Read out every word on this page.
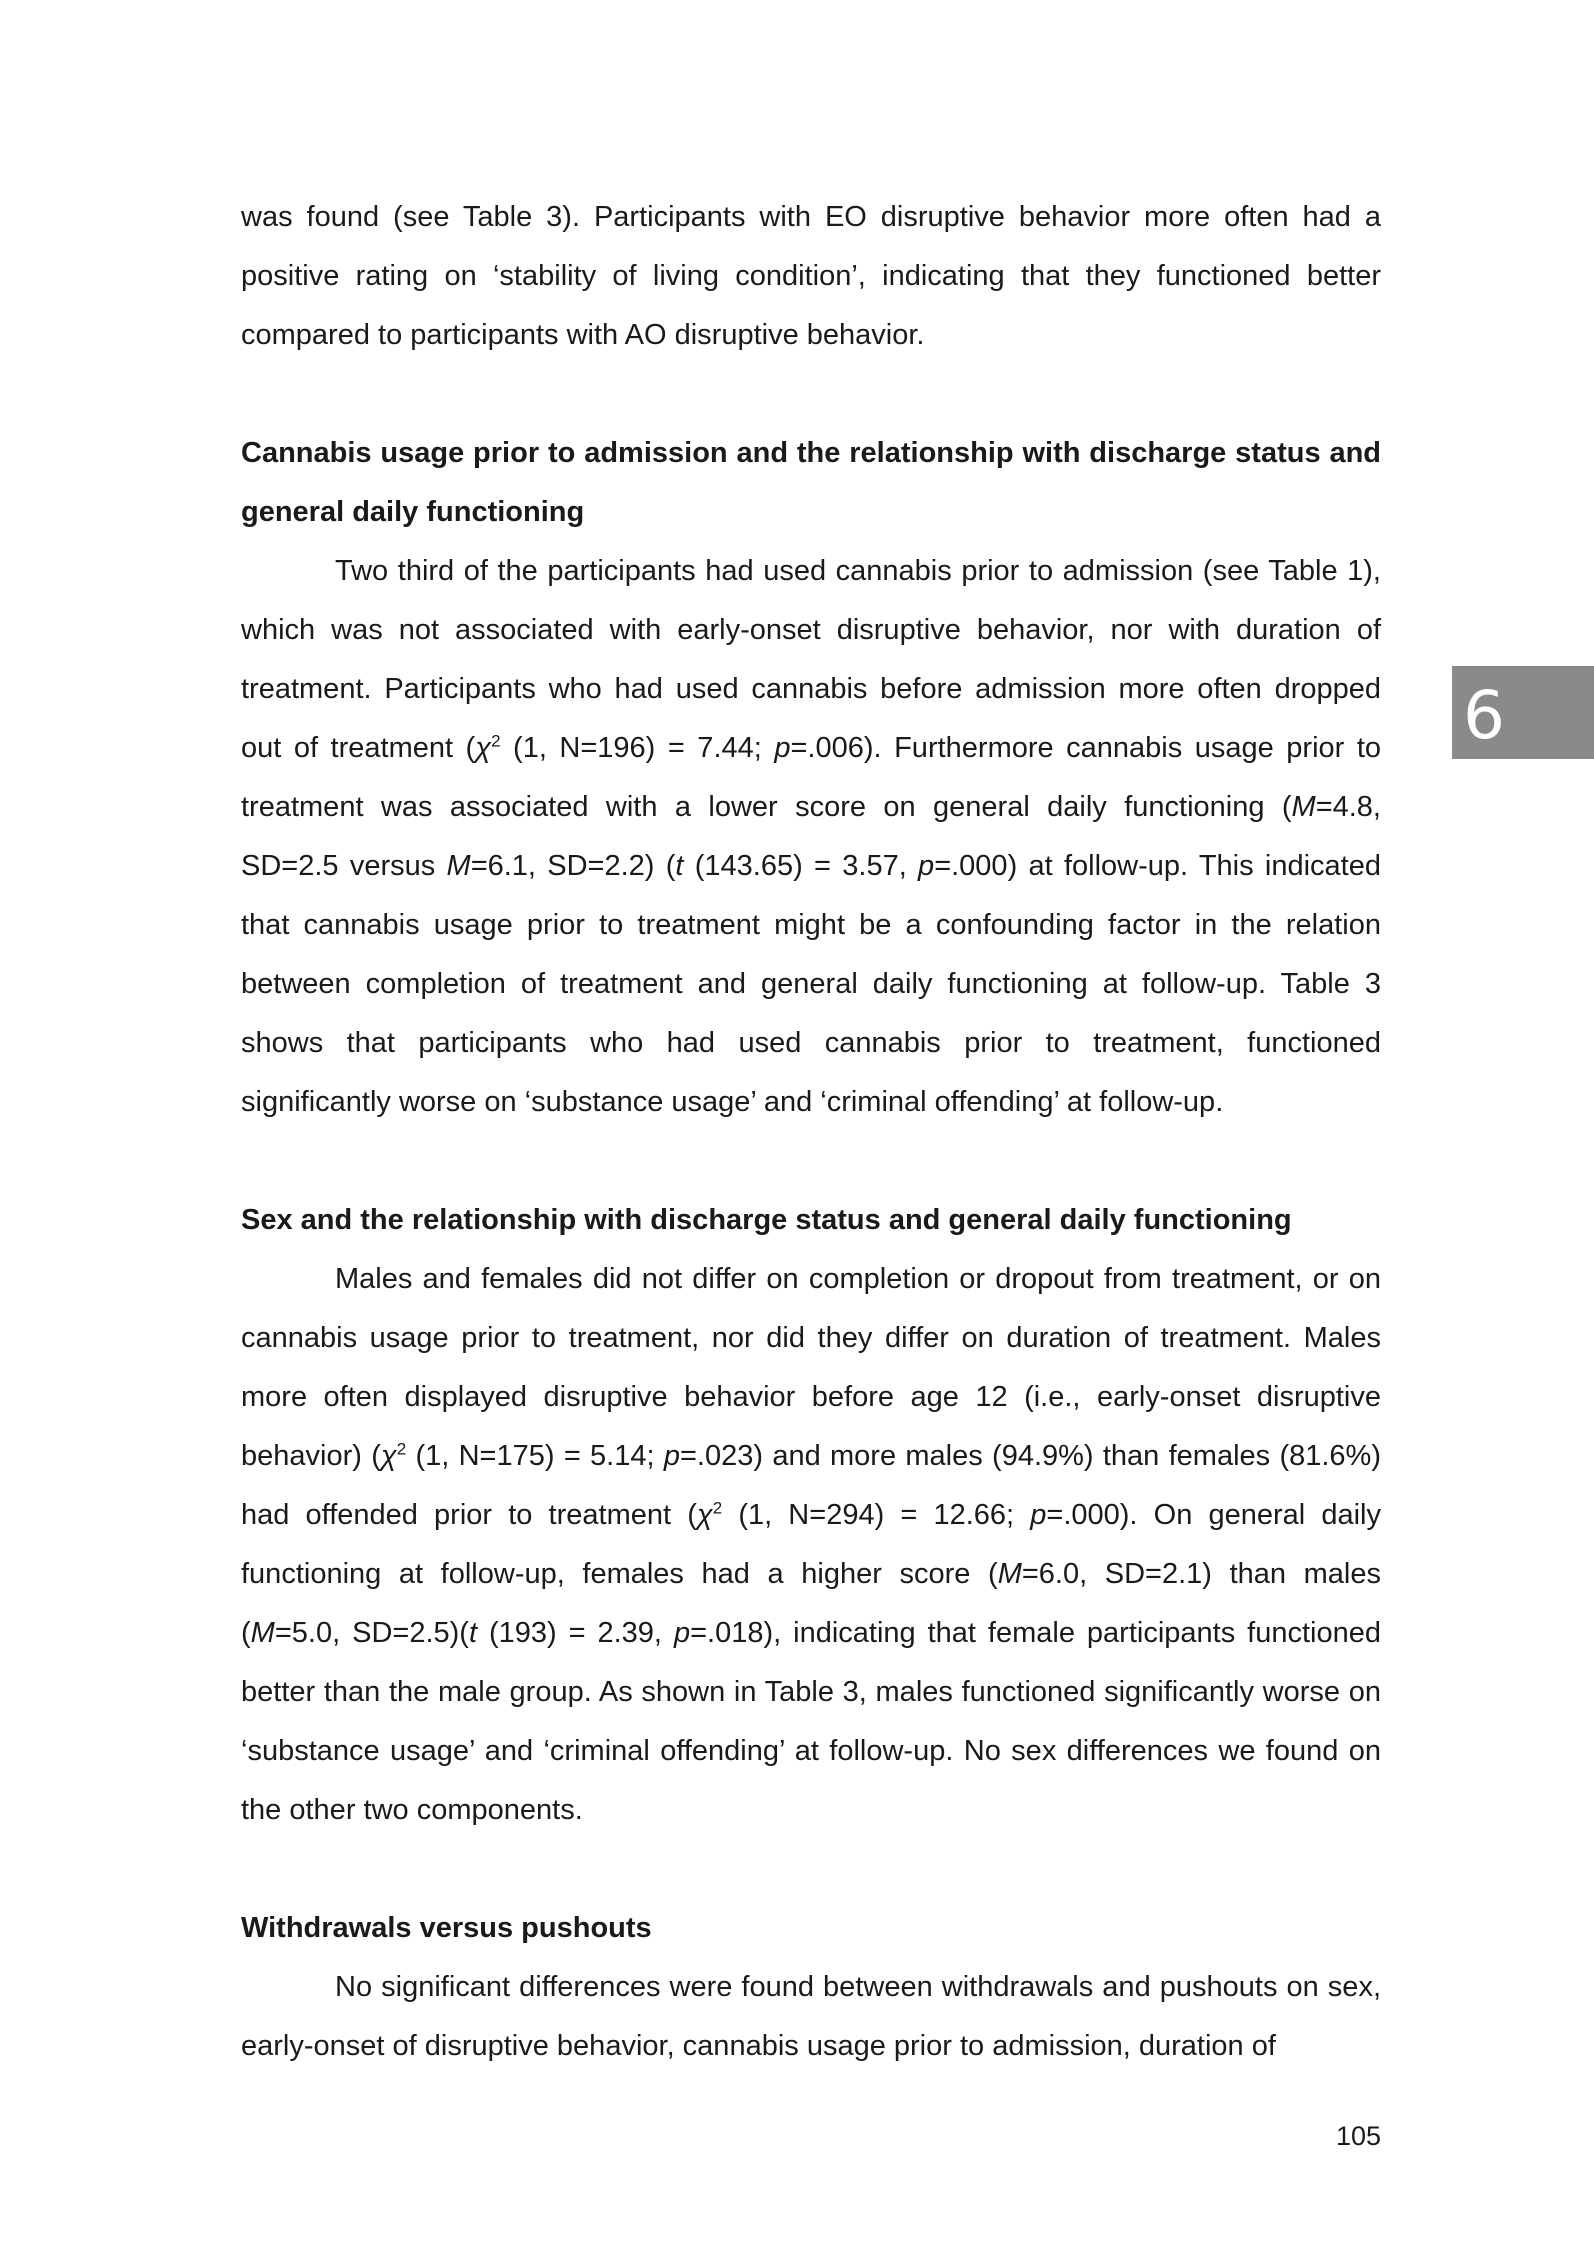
was found (see Table 3). Participants with EO disruptive behavior more often had a positive rating on ‘stability of living condition’, indicating that they functioned better compared to participants with AO disruptive behavior.

Cannabis usage prior to admission and the relationship with discharge status and general daily functioning

Two third of the participants had used cannabis prior to admission (see Table 1), which was not associated with early-onset disruptive behavior, nor with duration of treatment. Participants who had used cannabis before admission more often dropped out of treatment ($\chi^2$ (1, N=196) = 7.44; p=.006). Furthermore cannabis usage prior to treatment was associated with a lower score on general daily functioning (M=4.8, SD=2.5 versus M=6.1, SD=2.2) (t (143.65) = 3.57, p=.000) at follow-up. This indicated that cannabis usage prior to treatment might be a confounding factor in the relation between completion of treatment and general daily functioning at follow-up. Table 3 shows that participants who had used cannabis prior to treatment, functioned significantly worse on ‘substance usage’ and ‘criminal offending’ at follow-up.

Sex and the relationship with discharge status and general daily functioning

Males and females did not differ on completion or dropout from treatment, or on cannabis usage prior to treatment, nor did they differ on duration of treatment. Males more often displayed disruptive behavior before age 12 (i.e., early-onset disruptive behavior) ($\chi^2$ (1, N=175) = 5.14; p=.023) and more males (94.9%) than females (81.6%) had offended prior to treatment ($\chi^2$ (1, N=294) = 12.66; p=.000). On general daily functioning at follow-up, females had a higher score (M=6.0, SD=2.1) than males (M=5.0, SD=2.5)(t (193) = 2.39, p=.018), indicating that female participants functioned better than the male group. As shown in Table 3, males functioned significantly worse on ‘substance usage’ and ‘criminal offending’ at follow-up. No sex differences we found on the other two components.

Withdrawals versus pushouts

No significant differences were found between withdrawals and pushouts on sex, early-onset of disruptive behavior, cannabis usage prior to admission, duration of

6
105
